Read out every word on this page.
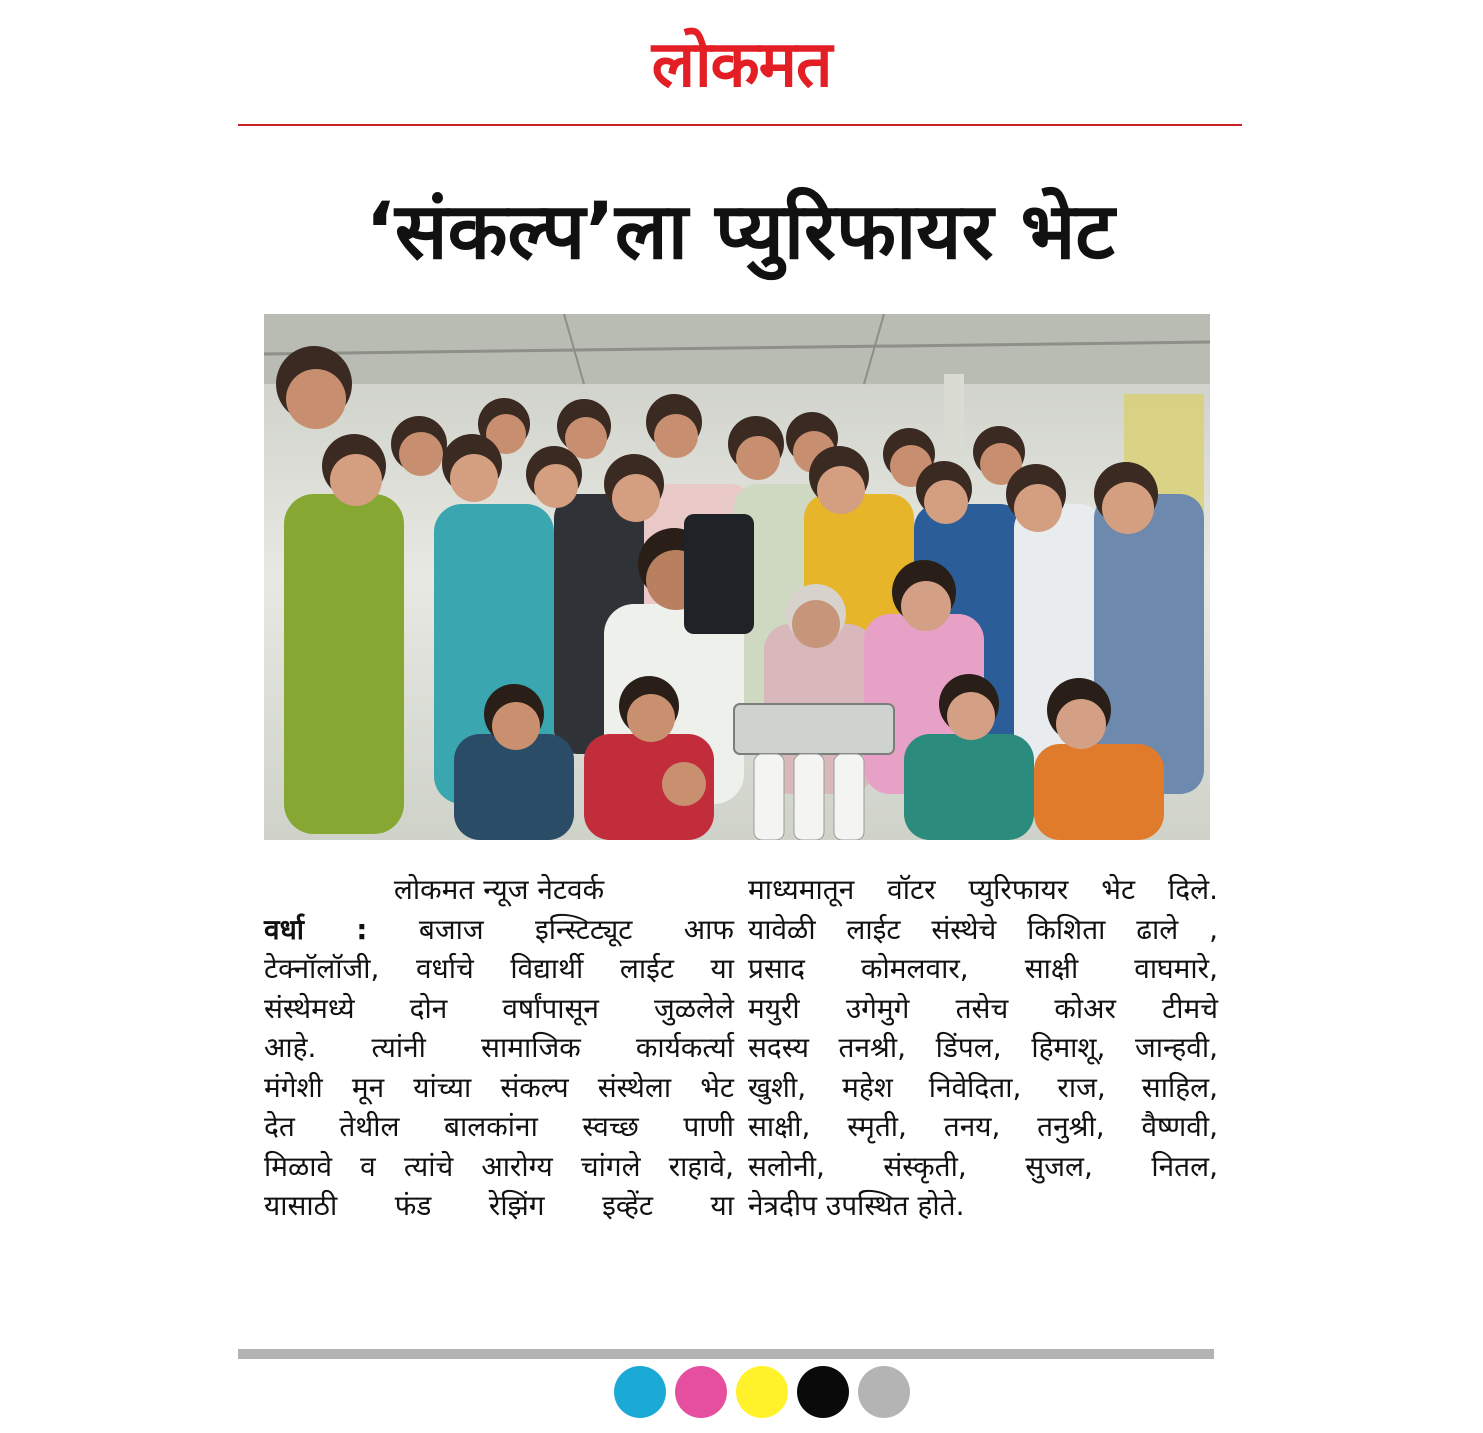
लोकमत
‘संकल्प’ला प्युरिफायर भेट
लोकमत न्यूज नेटवर्क

वर्धा : बजाज इन्स्टिट्यूट आफ

टेक्नॉलॉजी, वर्धाचे विद्यार्थी लाईट या

संस्थेमध्ये दोन वर्षांपासून जुळलेले

आहे. त्यांनी सामाजिक कार्यकर्त्या

मंगेशी मून यांच्या संकल्प संस्थेला भेट

देत तेथील बालकांना स्वच्छ पाणी

मिळावे व त्यांचे आरोग्य चांगले राहावे,

यासाठी फंड रेझिंग इव्हेंट या

माध्यमातून वॉटर प्युरिफायर भेट दिले.

यावेळी लाईट संस्थेचे किशिता ढाले ,

प्रसाद कोमलवार, साक्षी वाघमारे,

मयुरी उगेमुगे तसेच कोअर टीमचे

सदस्य तनश्री, डिंपल, हिमाशू, जान्हवी,

खुशी, महेश निवेदिता, राज, साहिल,

साक्षी, स्मृती, तनय, तनुश्री, वैष्णवी,

सलोनी, संस्कृती, सुजल, नितल,

नेत्रदीप उपस्थित होते.
